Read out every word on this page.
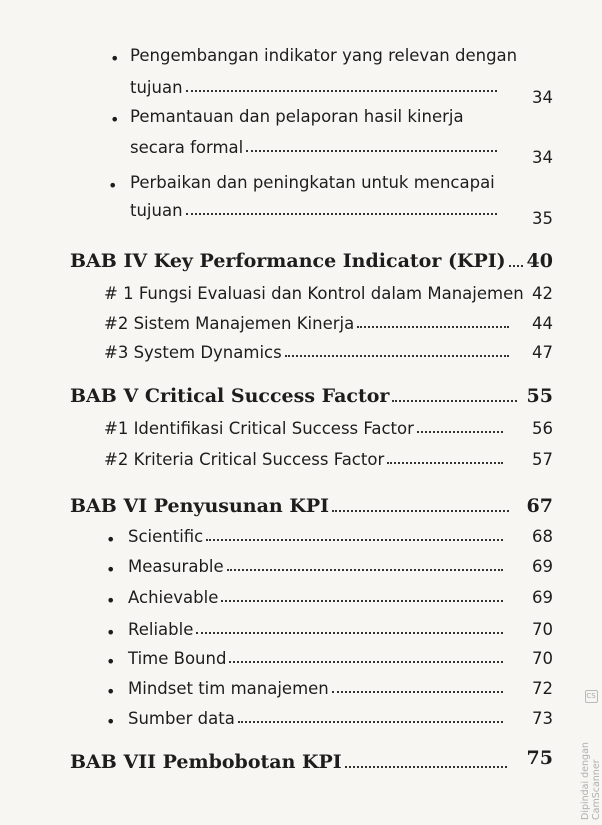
• Pengembangan indikator yang relevan dengan
tujuan
34
• Pemantauan dan pelaporan hasil kinerja
secara formal
34
• Perbaikan dan peningkatan untuk mencapai
tujuan	35
BAB IV Key Performance Indicator (KPI) 40
# 1 Fungsi Evaluasi dan Kontrol dalam Manajemen 42
#2 Sistem Manajemen Kinerja	44
#3 System Dynamics	47
BAB V Critical Success Factor	55
#1 Identifikasi Critical Success Factor	56
#2 Kriteria Critical Success Factor	57
BAB VI Penyusunan KPI	67
• Scientific	68
• Measurable	69
• Achievable	69
• Reliable	70
• Time Bound	70
• Mindset tim manajemen	72
• Sumber data	73
BAB VII Pembobotan KPI	75
CS
Dipindai dengan CamScanner
